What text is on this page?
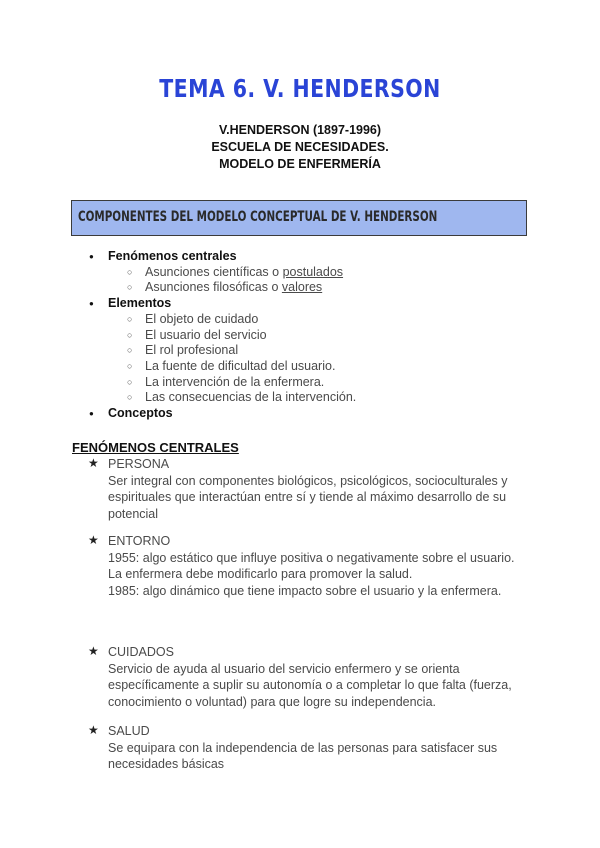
TEMA 6. V. HENDERSON
V.HENDERSON (1897-1996)
ESCUELA DE NECESIDADES.
MODELO DE ENFERMERÍA
COMPONENTES DEL MODELO CONCEPTUAL DE V. HENDERSON
● Fenómenos centrales
○ Asunciones científicas o postulados
○ Asunciones filosóficas o valores
● Elementos
○ El objeto de cuidado
○ El usuario del servicio
○ El rol profesional
○ La fuente de dificultad del usuario.
○ La intervención de la enfermera.
○ Las consecuencias de la intervención.
● Conceptos
FENÓMENOS CENTRALES
★ PERSONA
Ser integral con componentes biológicos, psicológicos, socioculturales y espirituales que interactúan entre sí y tiende al máximo desarrollo de su potencial
★ ENTORNO
1955: algo estático que influye positiva o negativamente sobre el usuario.
La enfermera debe modificarlo para promover la salud.
1985: algo dinámico que tiene impacto sobre el usuario y la enfermera.
★ CUIDADOS
Servicio de ayuda al usuario del servicio enfermero y se orienta específicamente a suplir su autonomía o a completar lo que falta (fuerza, conocimiento o voluntad) para que logre su independencia.
★ SALUD
Se equipara con la independencia de las personas para satisfacer sus necesidades básicas
